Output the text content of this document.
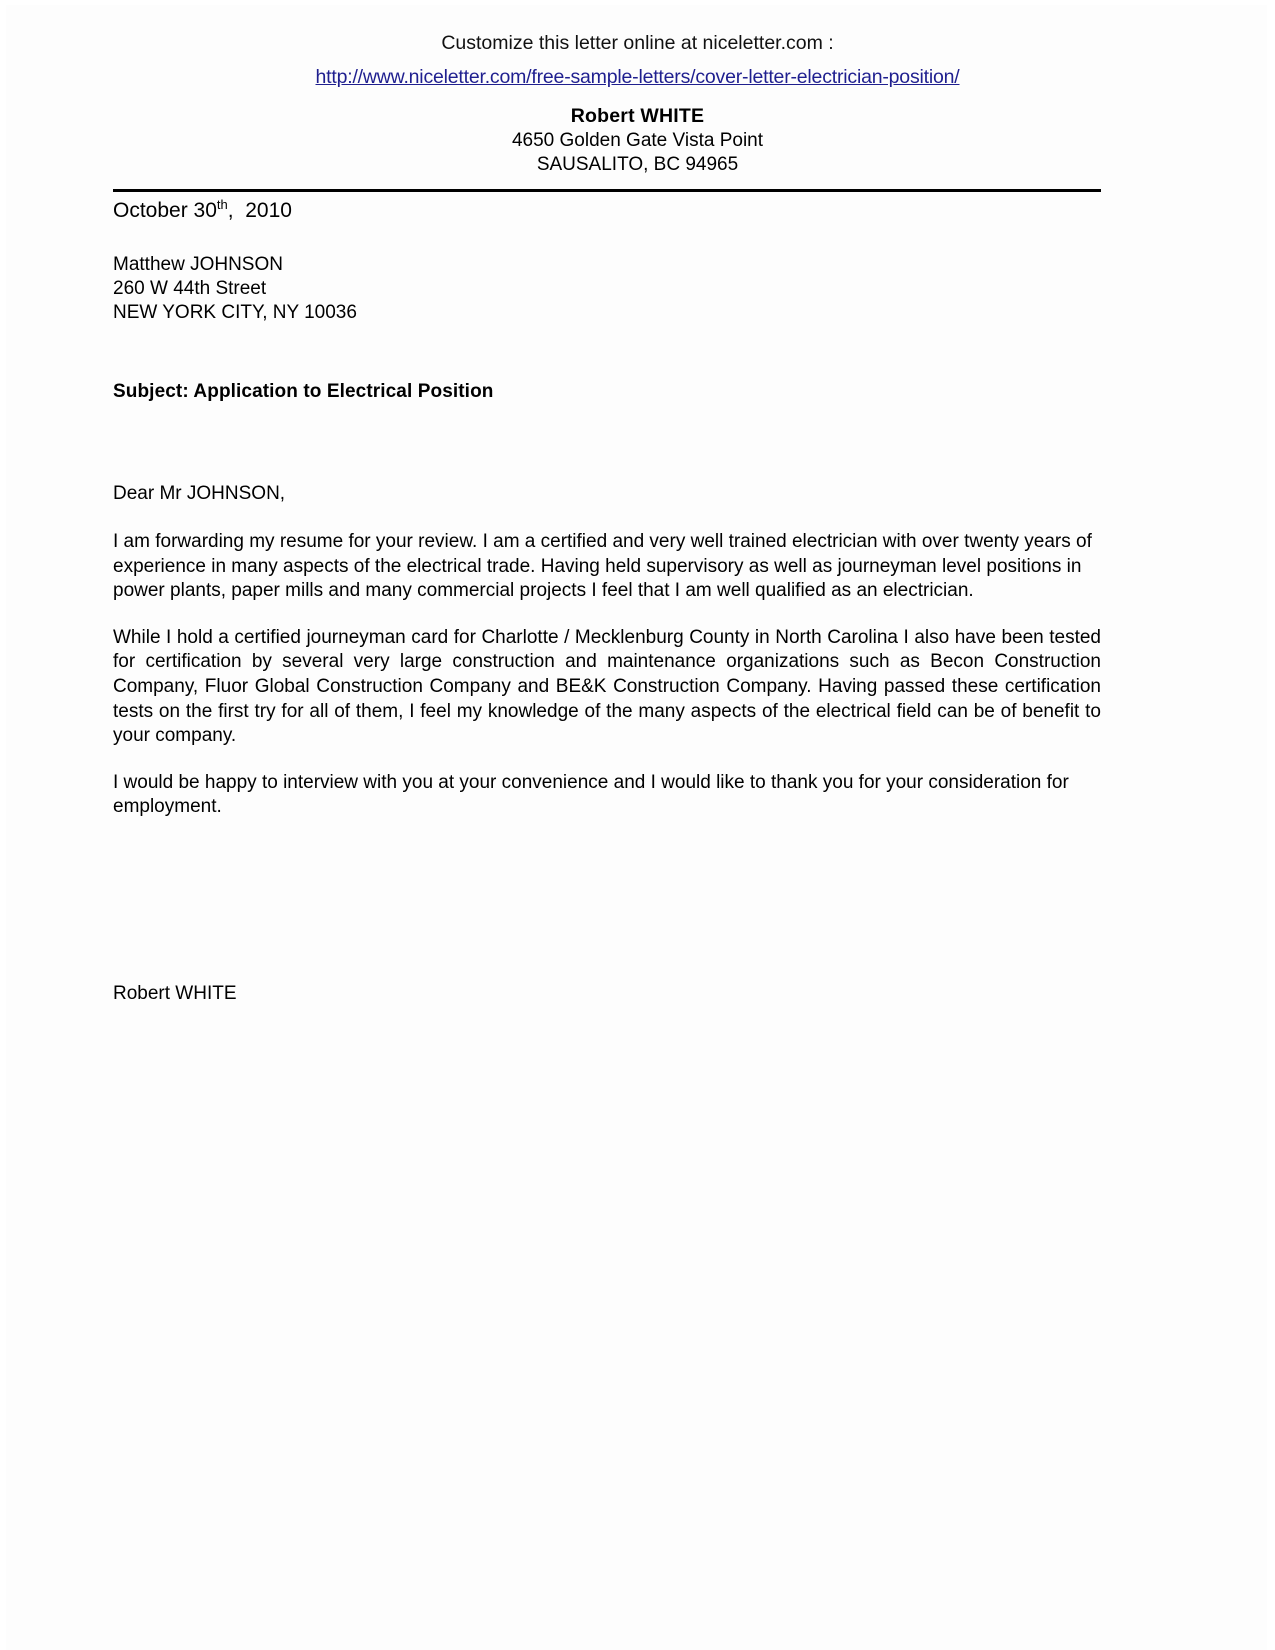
Customize this letter online at niceletter.com :
http://www.niceletter.com/free-sample-letters/cover-letter-electrician-position/
Robert WHITE
4650 Golden Gate Vista Point
SAUSALITO, BC 94965
October 30th,  2010
Matthew JOHNSON
260 W 44th Street
NEW YORK CITY, NY 10036
Subject: Application to Electrical Position
Dear Mr JOHNSON,

I am forwarding my resume for your review. I am a certified and very well trained electrician with over twenty years of experience in many aspects of the electrical trade. Having held supervisory as well as journeyman level positions in power plants, paper mills and many commercial projects I feel that I am well qualified as an electrician.

While I hold a certified journeyman card for Charlotte / Mecklenburg County in North Carolina I also have been tested for certification by several very large construction and maintenance organizations such as Becon Construction Company, Fluor Global Construction Company and BE&K Construction Company. Having passed these certification tests on the first try for all of them, I feel my knowledge of the many aspects of the electrical field can be of benefit to your company.

I would be happy to interview with you at your convenience and I would like to thank you for your consideration for employment.

Robert WHITE
